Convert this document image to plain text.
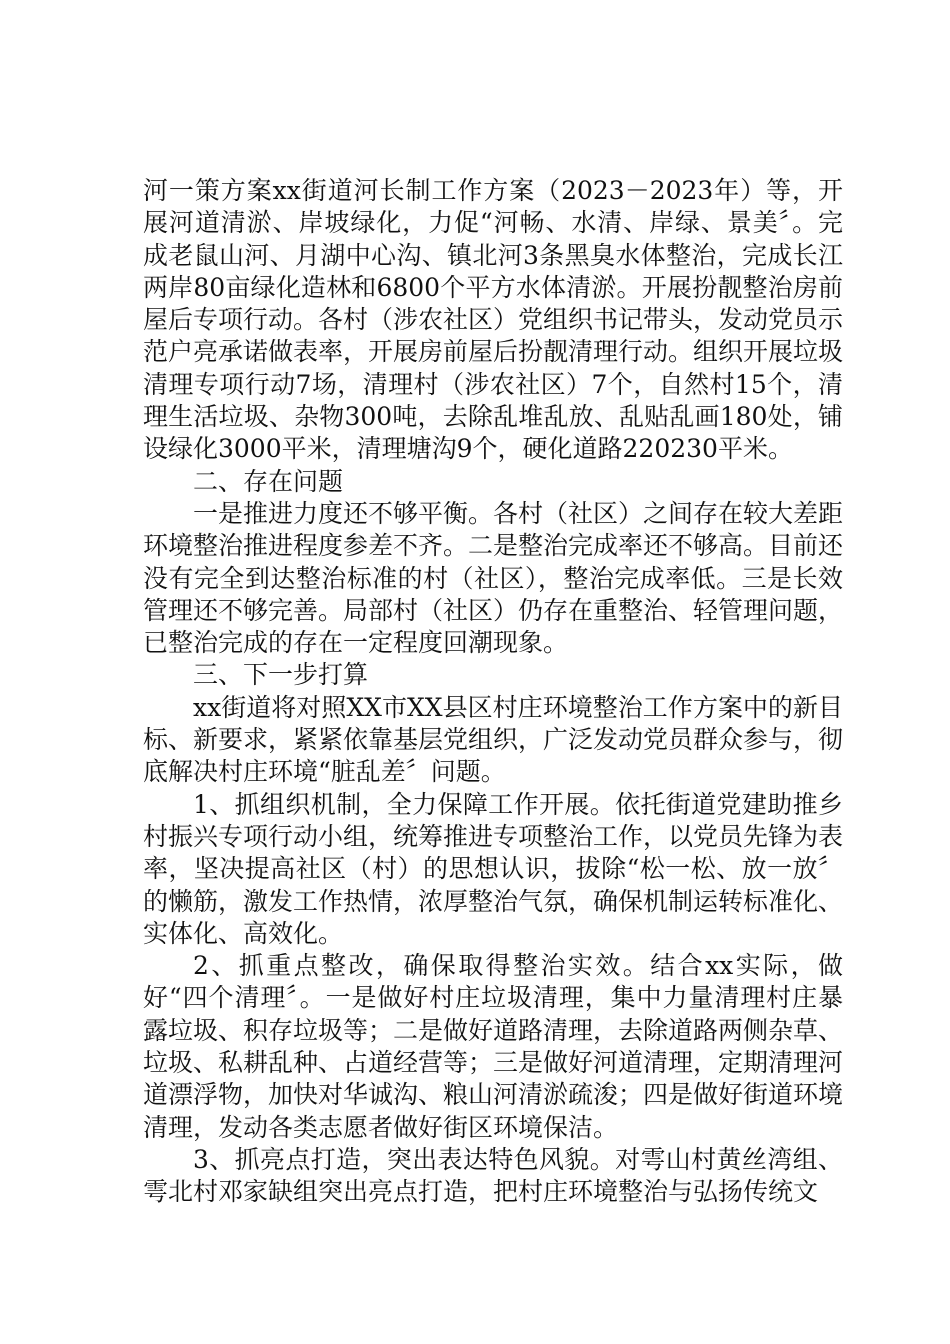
河一策方案xx街道河长制工作方案（2023－2023年）等，开展河道清淤、岸坡绿化，力促“河畅、水清、岸绿、景美〞。完成老鼠山河、月湖中心沟、镇北河3条黑臭水体整治，完成长江两岸80亩绿化造林和6800个平方水体清淤。开展扮靓整治房前屋后专项行动。各村（涉农社区）党组织书记带头，发动党员示范户亮承诺做表率，开展房前屋后扮靓清理行动。组织开展垃圾清理专项行动7场，清理村（涉农社区）7个，自然村15个，清理生活垃圾、杂物300吨，去除乱堆乱放、乱贴乱画180处，铺设绿化3000平米，清理塘沟9个，硬化道路220230平米。

二、存在问题

一是推进力度还不够平衡。各村（社区）之间存在较大差距环境整治推进程度参差不齐。二是整治完成率还不够高。目前还没有完全到达整治标准的村（社区），整治完成率低。三是长效管理还不够完善。局部村（社区）仍存在重整治、轻管理问题，已整治完成的存在一定程度回潮现象。

三、下一步打算

xx街道将对照XX市XX县区村庄环境整治工作方案中的新目标、新要求，紧紧依靠基层党组织，广泛发动党员群众参与，彻底解决村庄环境“脏乱差〞问题。

1、抓组织机制，全力保障工作开展。依托街道党建助推乡村振兴专项行动小组，统筹推进专项整治工作，以党员先锋为表率，坚决提高社区（村）的思想认识，拔除“松一松、放一放〞的懒筋，激发工作热情，浓厚整治气氛，确保机制运转标准化、实体化、高效化。

2、抓重点整改，确保取得整治实效。结合xx实际，做好“四个清理〞。一是做好村庄垃圾清理，集中力量清理村庄暴露垃圾、积存垃圾等；二是做好道路清理，去除道路两侧杂草、垃圾、私耕乱种、占道经营等；三是做好河道清理，定期清理河道漂浮物，加快对华诚沟、粮山河清淤疏浚；四是做好街道环境清理，发动各类志愿者做好街区环境保洁。

3、抓亮点打造，突出表达特色风貌。对雩山村黄丝湾组、雩北村邓家缺组突出亮点打造，把村庄环境整治与弘扬传统文
